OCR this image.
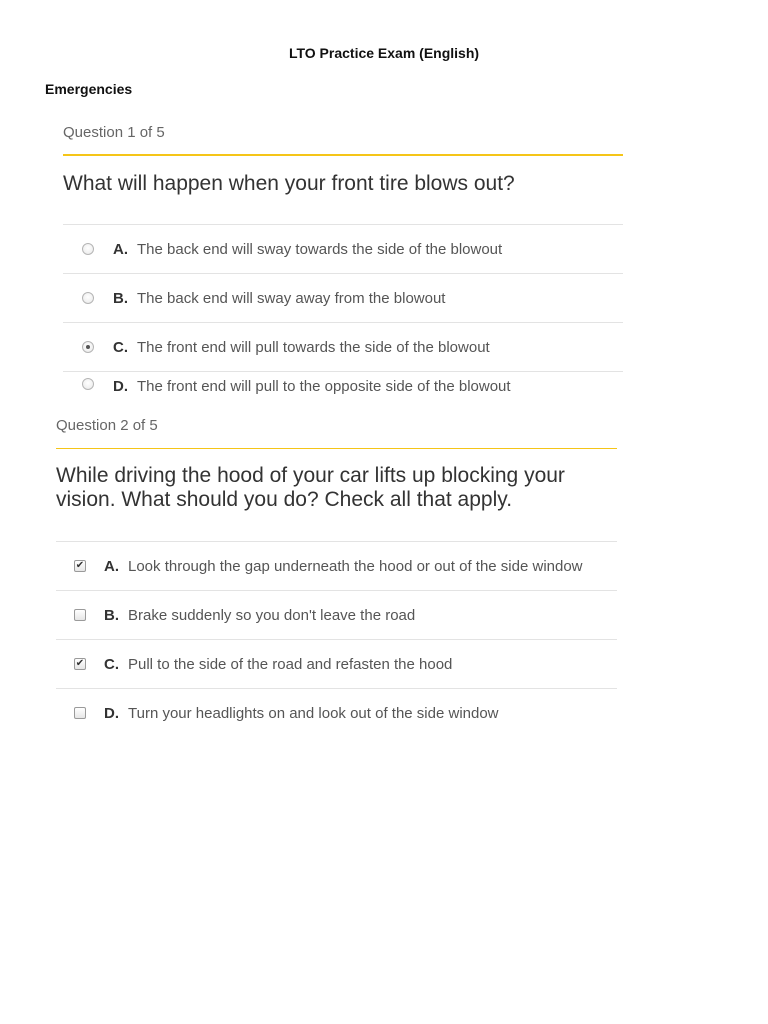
LTO Practice Exam (English)
Emergencies
Question 1 of 5
What will happen when your front tire blows out?
A. The back end will sway towards the side of the blowout
B. The back end will sway away from the blowout
C. The front end will pull towards the side of the blowout
D. The front end will pull to the opposite side of the blowout
Question 2 of 5
While driving the hood of your car lifts up blocking your vision. What should you do? Check all that apply.
✔ A. Look through the gap underneath the hood or out of the side window
B. Brake suddenly so you don't leave the road
✔ C. Pull to the side of the road and refasten the hood
D. Turn your headlights on and look out of the side window
